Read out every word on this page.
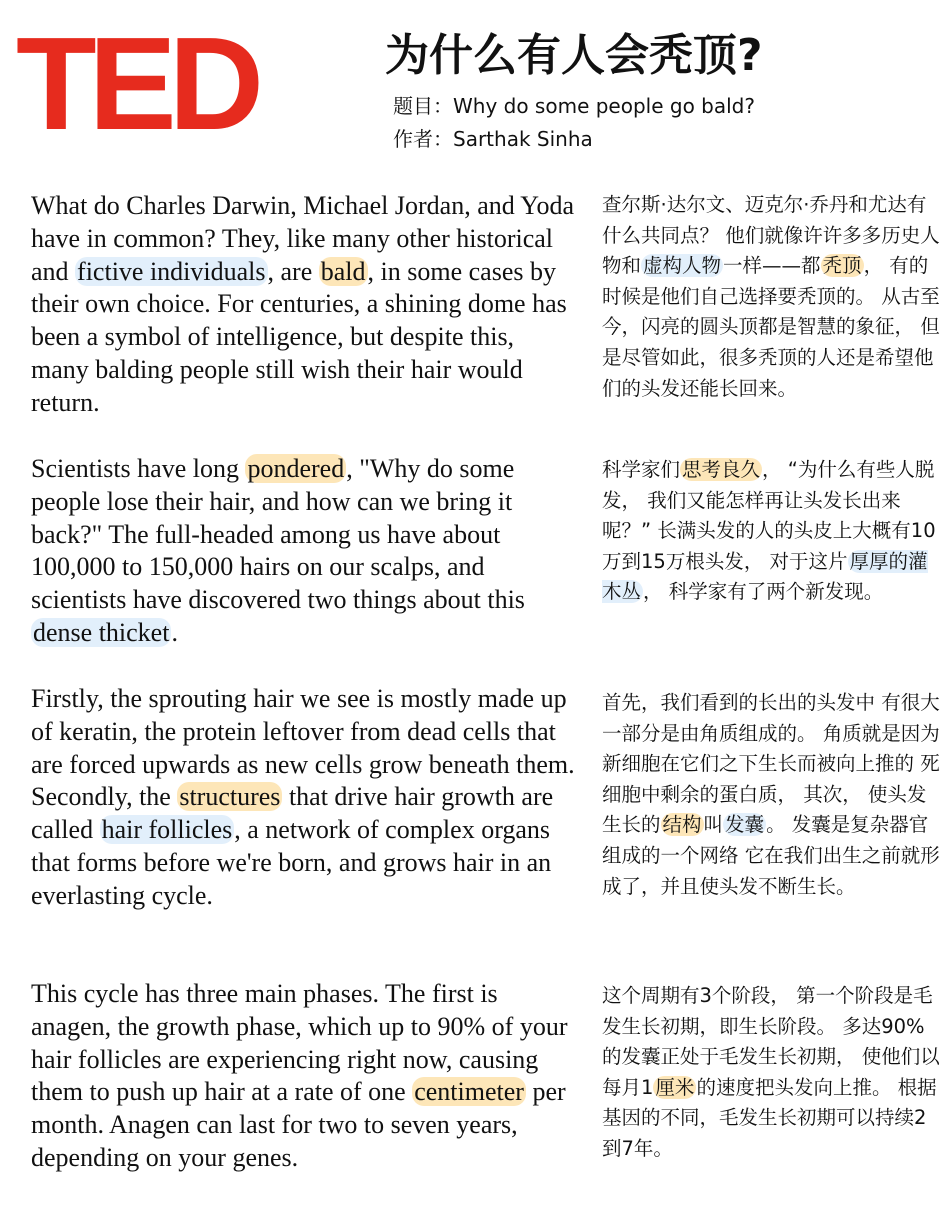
TED	为什么有人会秃顶?
题目：Why do some people go bald?
作者：Sarthak Sinha
What do Charles Darwin, Michael Jordan, and Yoda have in common? They, like many other historical and fictive individuals, are bald, in some cases by their own choice. For centuries, a shining dome has been a symbol of intelligence, but despite this, many balding people still wish their hair would return.
查尔斯·达尔文、迈克尔·乔丹和尤达有什么共同点？ 他们就像许许多多历史人物和 虚构人物 一样——都 秃顶 ， 有的时候是他们自己选择要秃顶的。 从古至今，闪亮的圆头顶都是智慧的象征， 但是尽管如此，很多秃顶的人还是希望他们的头发还能长回来。
Scientists have long pondered, "Why do some people lose their hair, and how can we bring it back?" The full-headed among us have about 100,000 to 150,000 hairs on our scalps, and scientists have discovered two things about this dense thicket.
科学家们 思考良久 ， “为什么有些人脱发， 我们又能怎样再让头发长出来呢？” 长满头发的人的头皮上大概有10万到15万根头发， 对于这片 厚厚的灌木丛 ， 科学家有了两个新发现。
Firstly, the sprouting hair we see is mostly made up of keratin, the protein leftover from dead cells that are forced upwards as new cells grow beneath them. Secondly, the structures that drive hair growth are called hair follicles, a network of complex organs that forms before we're born, and grows hair in an everlasting cycle.
首先，我们看到的长出的头发中 有很大一部分是由角质组成的。 角质就是因为新细胞在它们之下生长而被向上推的 死细胞中剩余的蛋白质， 其次， 使头发生长的 结构 叫 发囊 。 发囊是复杂器官组成的一个网络 它在我们出生之前就形成了，并且使头发不断生长。
This cycle has three main phases. The first is anagen, the growth phase, which up to 90% of your hair follicles are experiencing right now, causing them to push up hair at a rate of one centimeter per month. Anagen can last for two to seven years, depending on your genes.
这个周期有3个阶段， 第一个阶段是毛发生长初期，即生长阶段。 多达90%的发囊正处于毛发生长初期， 使他们以每月1 厘米 的速度把头发向上推。 根据基因的不同，毛发生长初期可以持续2到7年。
